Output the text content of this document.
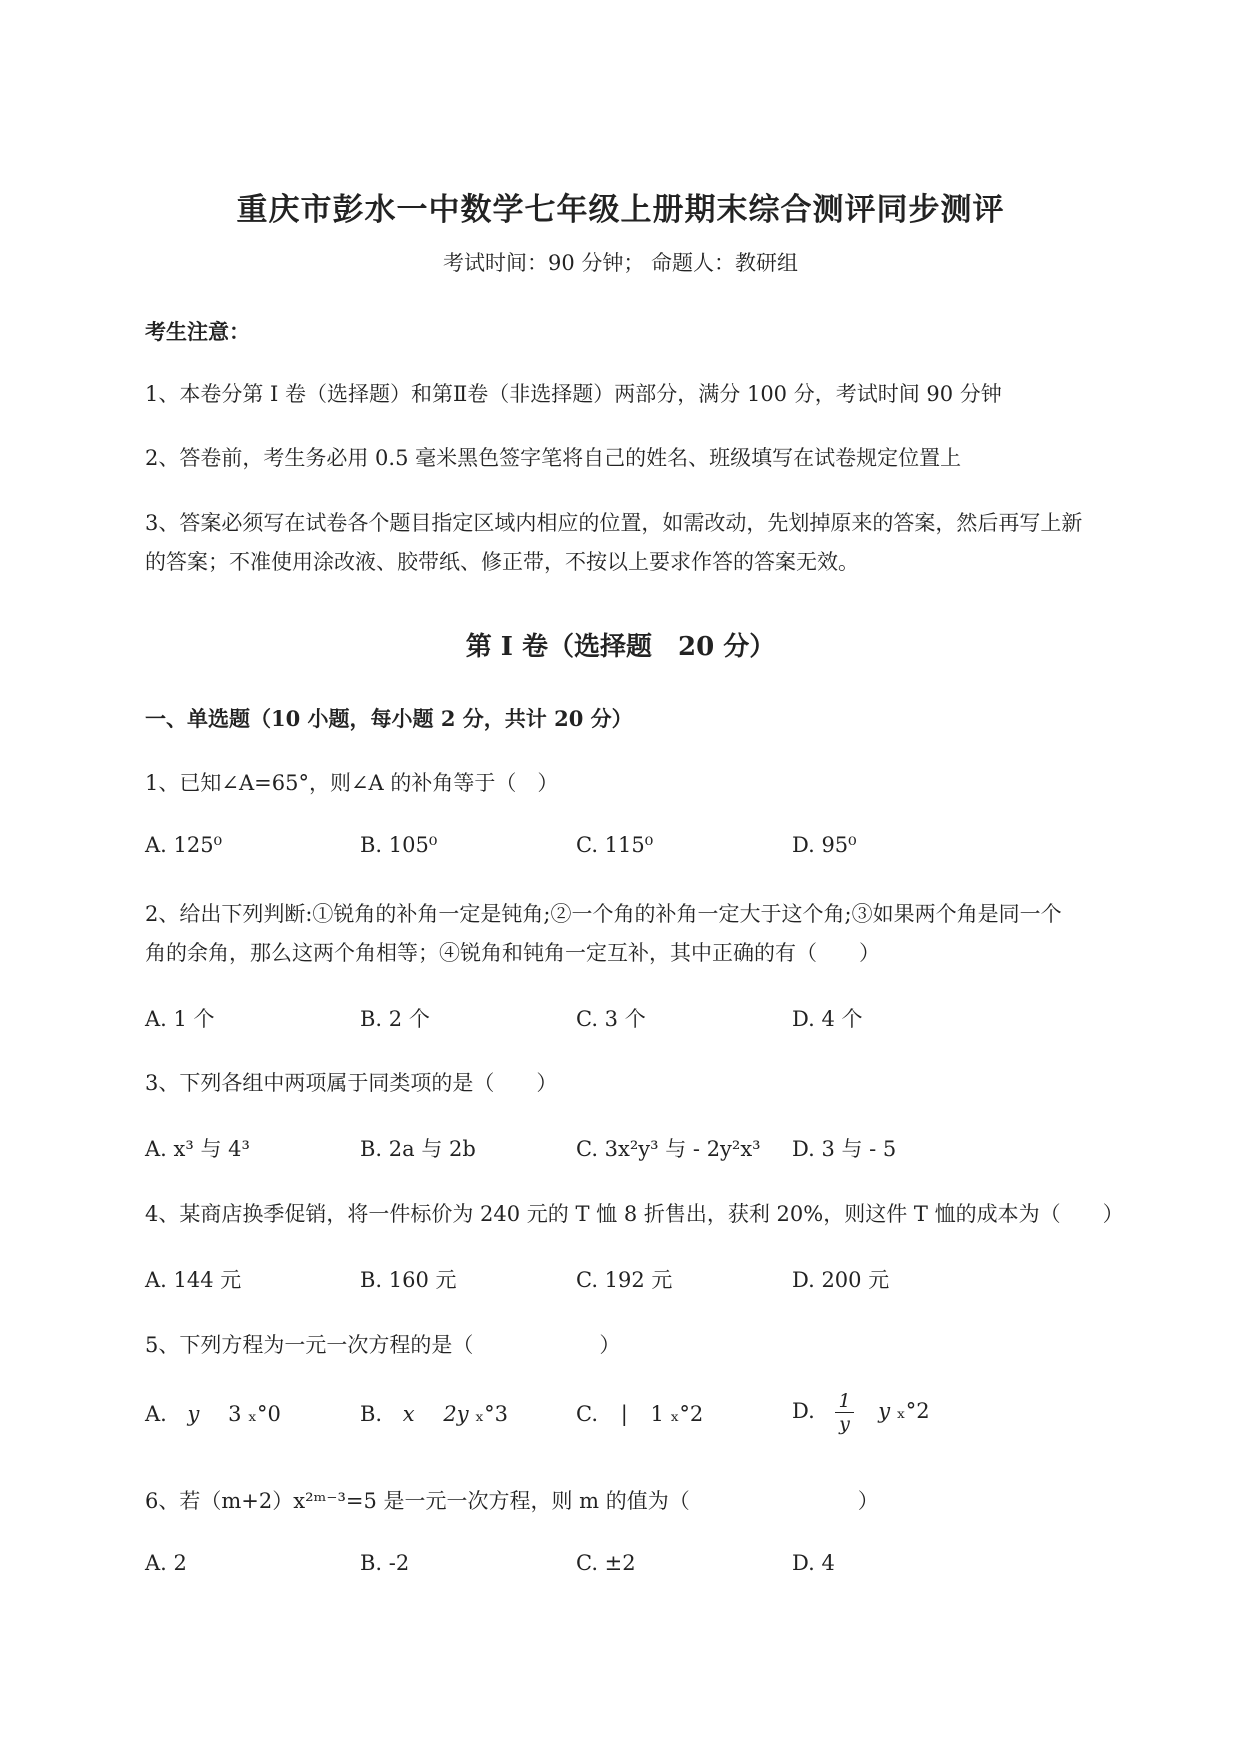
重庆市彭水一中数学七年级上册期末综合测评同步测评
考试时间：90 分钟； 命题人：教研组
考生注意：
1、本卷分第 I 卷（选择题）和第Ⅱ卷（非选择题）两部分，满分 100 分，考试时间 90 分钟
2、答卷前，考生务必用 0.5 毫米黑色签字笔将自己的姓名、班级填写在试卷规定位置上
3、答案必须写在试卷各个题目指定区域内相应的位置，如需改动，先划掉原来的答案，然后再写上新
的答案；不准使用涂改液、胶带纸、修正带，不按以上要求作答的答案无效。
第 I 卷（选择题　20 分）
一、单选题（10 小题，每小题 2 分，共计 20 分）
1、已知∠A=65°，则∠A 的补角等于（　）
A. 125⁰	B. 105⁰	C. 115⁰	D. 95⁰
2、给出下列判断:①锐角的补角一定是钝角;②一个角的补角一定大于这个角;③如果两个角是同一个
角的余角，那么这两个角相等；④锐角和钝角一定互补，其中正确的有（　　）
A. 1 个	B. 2 个	C. 3 个	D. 4 个
3、下列各组中两项属于同类项的是（　　）
A. x³ 与 4³	B. 2a 与 2b	C. 3x²y³ 与 - 2y²x³ D. 3 与 - 5
4、某商店换季促销，将一件标价为 240 元的 T 恤 8 折售出，获利 20%，则这件 T 恤的成本为（　　）
A. 144 元	B. 160 元	C. 192 元	D. 200 元
5、下列方程为一元一次方程的是（　　　　　　）
A. y 3 ₓ°0	B. x 2y ₓ°3	C. | 1 ₓ°2	D. $\frac{1}{y}$ y ₓ°2
6、若（m+2）x²ᵐ⁻³=5 是一元一次方程，则 m 的值为（　　　　　　　　）
A. 2	B. -2	C. ±2	D. 4
